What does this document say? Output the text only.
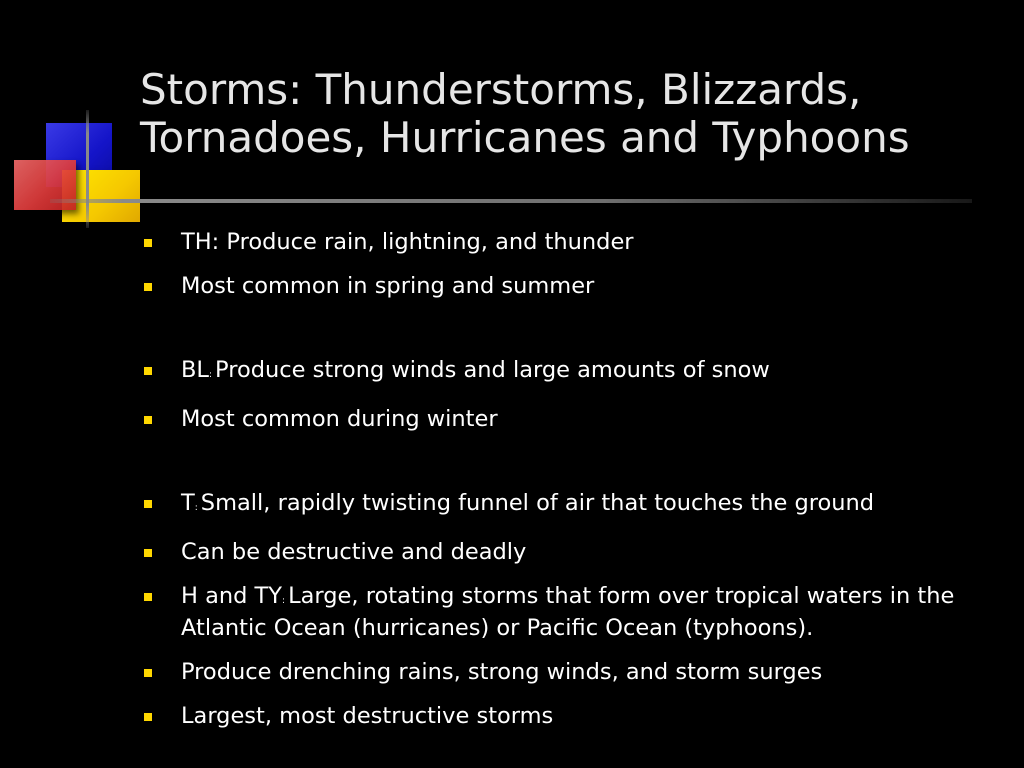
Storms: Thunderstorms, Blizzards,
Tornadoes, Hurricanes and Typhoons
TH: Produce rain, lightning, and thunder
Most common in spring and summer
BL: Produce strong winds and large amounts of snow
Most common during winter
T: Small, rapidly twisting funnel of air that touches the ground
Can be destructive and deadly
H and TY: Large, rotating storms that form over tropical waters in the Atlantic Ocean (hurricanes) or Pacific Ocean (typhoons).
Produce drenching rains, strong winds, and storm surges
Largest, most destructive storms
